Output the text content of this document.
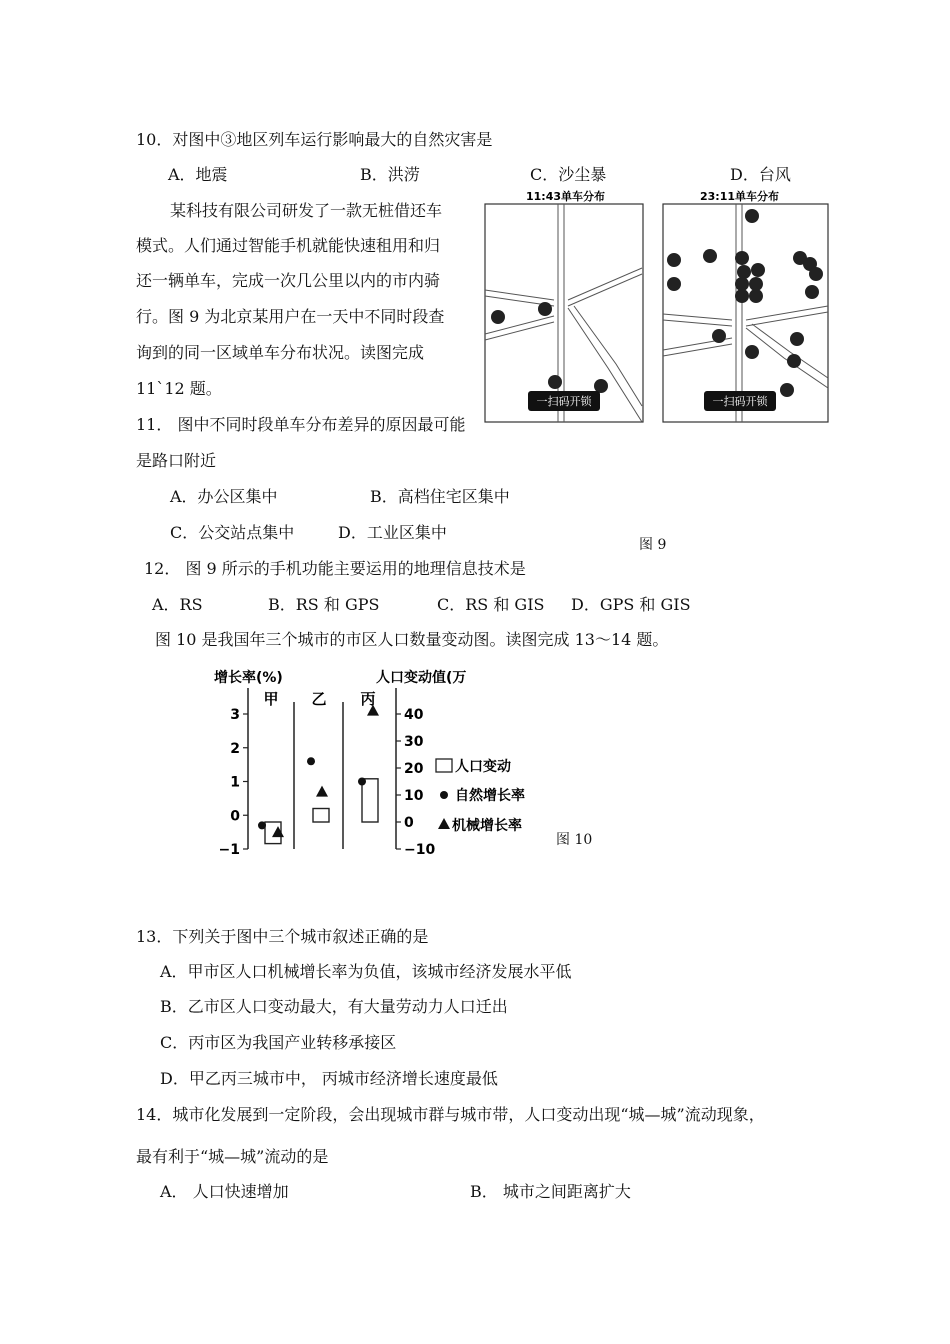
10．对图中③地区列车运行影响最大的自然灾害是
A．地震	B．洪涝	C．沙尘暴	D．台风
某科技有限公司研发了一款无桩借还车
模式。人们通过智能手机就能快速租用和归
还一辆单车，完成一次几公里以内的市内骑
行。图 9 为北京某用户在一天中不同时段查
询到的同一区域单车分布状况。读图完成
11`12 题。
11:43单车分布
一扫码开锁
23:11单车分布
一扫码开锁
11． 图中不同时段单车分布差异的原因最可能
是路口附近
A．办公区集中	B．高档住宅区集中
C．公交站点集中	D．工业区集中
图 9
12． 图 9 所示的手机功能主要运用的地理信息技术是
A．RS	B．RS 和 GPS	C．RS 和 GIS D．GPS 和 GIS
图 10 是我国年三个城市的市区人口数量变动图。读图完成 13～14 题。
增长率(%)	人口变动值(万
3
2
1
0
−1
40
30
20
10
0
−10
甲 乙 丙
人口变动
自然增长率
机械增长率
图 10
13．下列关于图中三个城市叙述正确的是
A．甲市区人口机械增长率为负值，该城市经济发展水平低
B．乙市区人口变动最大，有大量劳动力人口迁出
C．丙市区为我国产业转移承接区
D．甲乙丙三城市中， 丙城市经济增长速度最低
14．城市化发展到一定阶段，会出现城市群与城市带，人口变动出现“城—城”流动现象，
最有利于“城—城”流动的是
A． 人口快速增加	B． 城市之间距离扩大
